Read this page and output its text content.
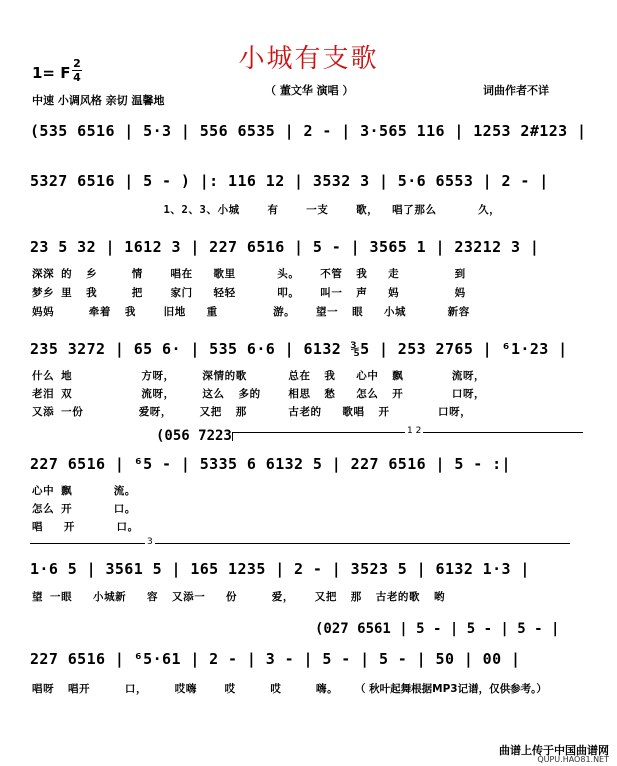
小城有支歌
1= F
2
4
中速 小调风格 亲切 温馨地
（ 董文华 演唱 ）	词曲作者不详
(535 6516 | 5·3 | 556 6535 | 2 - | 3·565 116 | 1253 2#123 |
5327 6516 | 5 - ) |: 116 12 | 3532 3 | 5·6 6553 | 2 - |
1、2、3、小城    有    一支    歌，  唱了那么      久，
23 5 32 | 1612 3 | 227 6516 | 5 - | 3565 1 | 23212 3 |
深深 的  乡     情    唱在   歌里      头。   不管  我   走        到
梦乡 里  我     把    家门   轻轻      叩。   叫一  声   妈        妈
妈妈     牵着  我    旧地   重        游。   望一  眼   小城      新容
235 3272 | 65 6· | 535 6·6 | 6132 ⅗5 | 253 2765 | ⁶1·23 |
什么 地          方呀，    深情的歌      总在  我   心中  飘       流呀，
老泪 双          流呀，    这么  多的    相思  愁   怎么  开       口呀，
又添 一份        爱呀，    又把  那      古老的   歌唱  开       口呀，
(056 7223	1 2
227 6516 | ⁶5 - | 5335 6 6132 5 | 227 6516 | 5 - :|
心中 飘      流。
怎么 开      口。
唱   开      口。
3
1·6 5 | 3561 5 | 165 1235 | 2 - | 3523 5 | 6132 1·3 |
望 一眼   小城新   容  又添一   份     爱，   又把  那  古老的歌  哟
(027 6561 | 5 - | 5 - | 5 - |
227 6516 | ⁶5·61 | 2 - | 3 - | 5 - | 5 - | 50 | 00 |
唱呀  唱开     口，    哎嗨    哎     哎     嗨。 （ 秋叶起舞根据MP3记谱，仅供参考。）
曲谱上传于中国曲谱网
QUPU.HAO81.NET
